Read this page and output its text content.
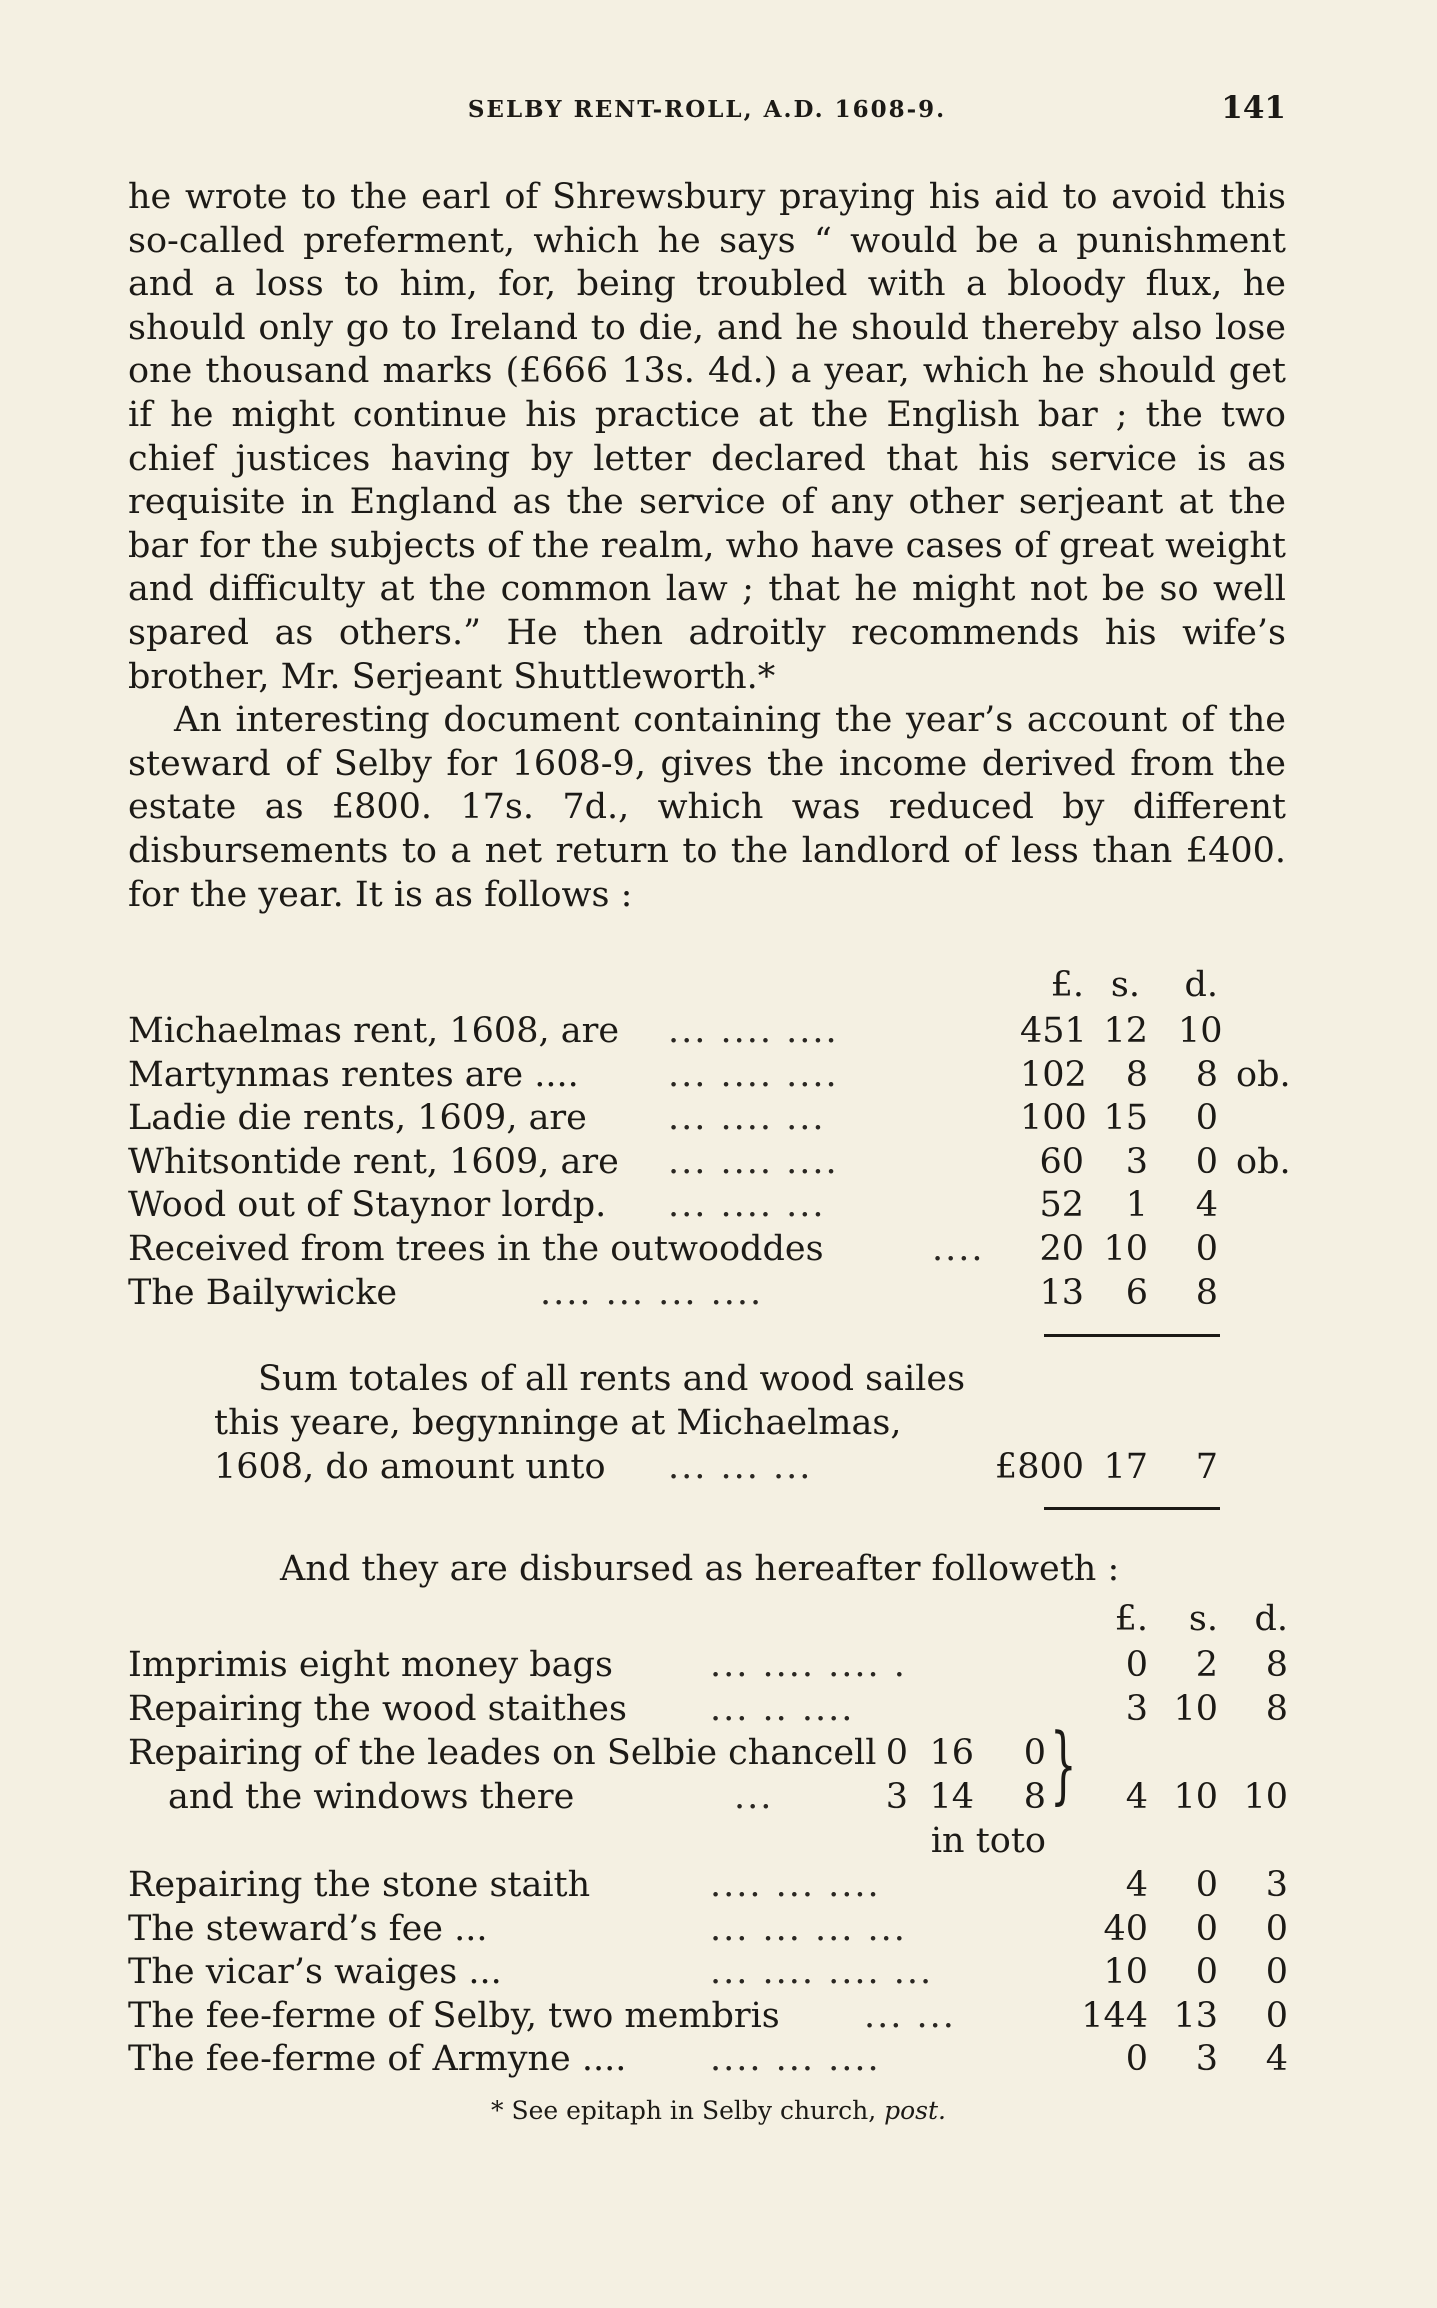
SELBY RENT-ROLL, A.D. 1608-9.	141

he wrote to the earl of Shrewsbury praying his aid to avoid this so-called preferment, which he says “ would be a punishment and a loss to him, for, being troubled with a bloody flux, he should only go to Ireland to die, and he should thereby also lose one thousand marks (£666 13s. 4d.) a year, which he should get if he might continue his practice at the English bar ; the two chief justices having by letter declared that his service is as requisite in England as the service of any other serjeant at the bar for the subjects of the realm, who have cases of great weight and difficulty at the common law ; that he might not be so well spared as others.” He then adroitly recommends his wife’s brother, Mr. Serjeant Shuttleworth.*

An interesting document containing the year’s account of the steward of Selby for 1608-9, gives the income derived from the estate as £800. 17s. 7d., which was reduced by different disbursements to a net return to the landlord of less than £400. for the year. It is as follows :

£. s. d.
Michaelmas rent, 1608, are ... .... ....	451 12 10
Martynmas rentes are ....	... .... ....	102	8	8 ob.
Ladie die rents, 1609, are ... .... ...	100 15	0
Whitsontide rent, 1609, are ... .... ....	60	3	0 ob.
Wood out of Staynor lordp. ... .... ...	52	1	4
Received from trees in the outwooddes	....	20 10	0
The Bailywicke	.... ... ... ....	13	6	8
Sum totales of all rents and wood sailes
this yeare, begynninge at Michaelmas,
1608, do amount unto ... ... ...	£800 17	7
And they are disbursed as hereafter followeth :
£.	s. d.
Imprimis eight money bags	... .... .... .	0	2	8
Repairing the wood staithes ... .. ....	3 10	8
Repairing of the leades on Selbie chancell 0 16 0
and the windows there	...	3 14 8	4 10 10
in toto
}
Repairing the stone staith	.... ... ....	4	0	3
The steward’s fee ...	... ... ... ...	40	0	0
The vicar’s waiges ...	... .... .... ...	10	0	0
The fee-ferme of Selby, two membris ... ...	144 13	0
The fee-ferme of Armyne .... .... ... ....	0	3	4
* See epitaph in Selby church, post.
